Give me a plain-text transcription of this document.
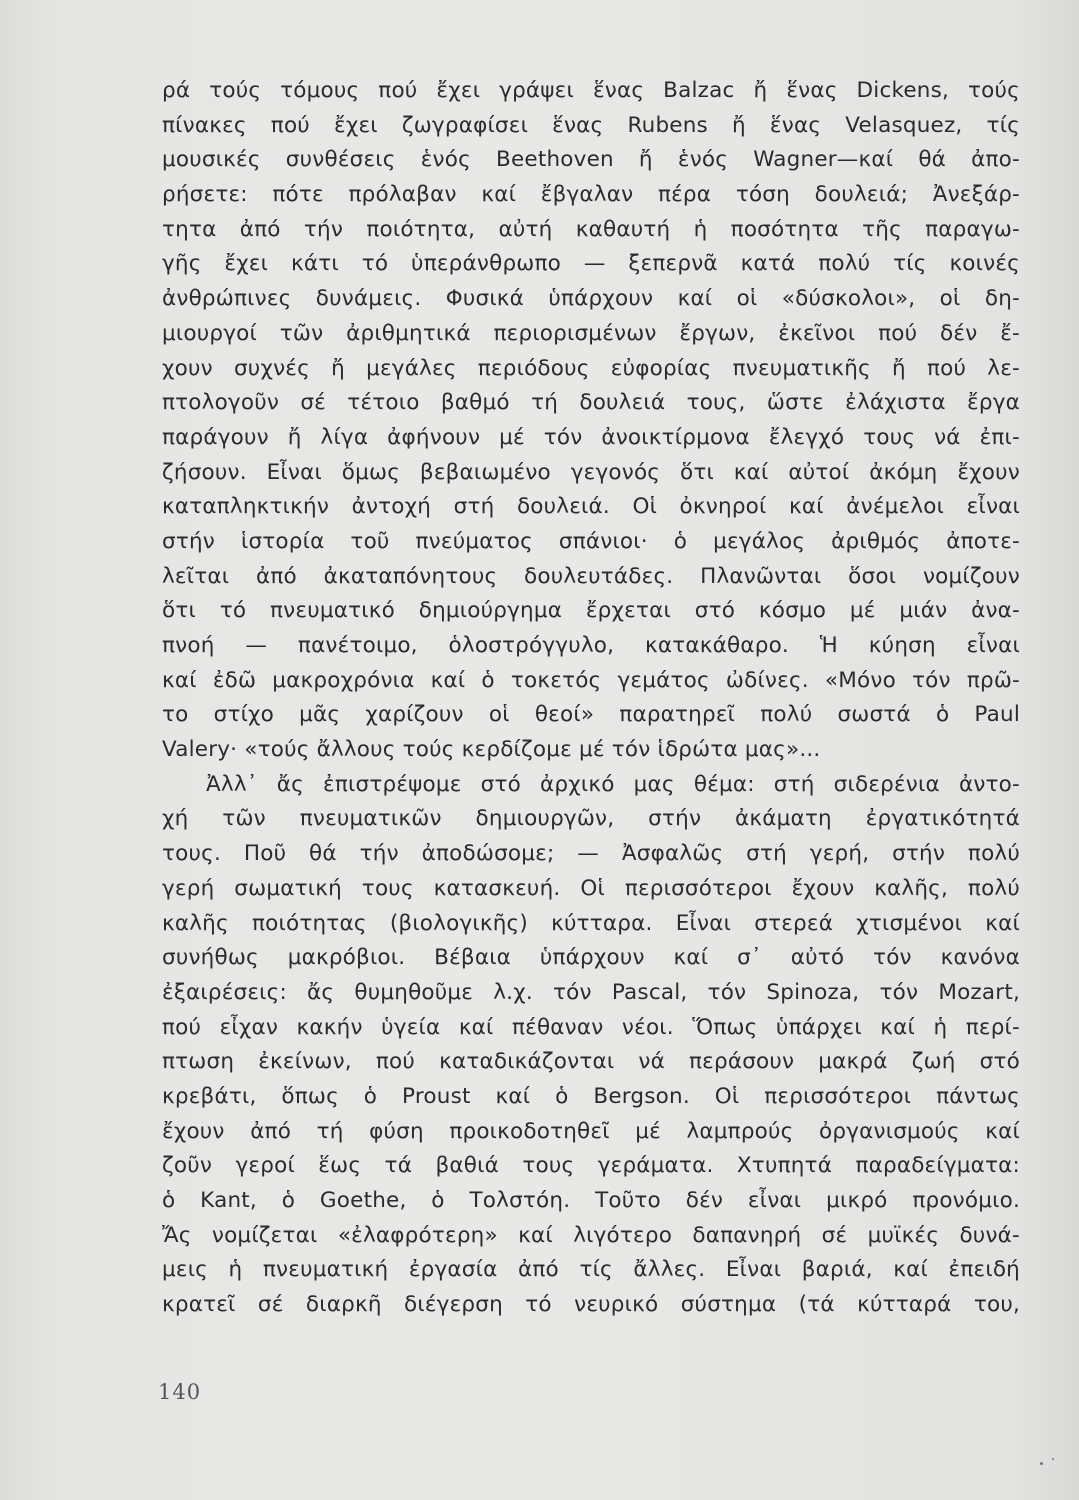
ρά τούς τόμους πού ἔχει γράψει ἕνας Balzac ἤ ἕνας Dickens, τούς
πίνακες πού ἔχει ζωγραφίσει ἕνας Rubens ἤ ἕνας Velasquez, τίς
μουσικές συνθέσεις ἑνός Beethoven ἤ ἑνός Wagner—καί θά ἀπο-
ρήσετε: πότε πρόλαβαν καί ἔβγαλαν πέρα τόση δουλειά; Ἀνεξάρ-
τητα ἀπό τήν ποιότητα, αὐτή καθαυτή ἡ ποσότητα τῆς παραγω-
γῆς ἔχει κάτι τό ὑπεράνθρωπο — ξεπερνᾶ κατά πολύ τίς κοινές
ἀνθρώπινες δυνάμεις. Φυσικά ὑπάρχουν καί οἱ «δύσκολοι», οἱ δη-
μιουργοί τῶν ἀριθμητικά περιορισμένων ἔργων, ἐκεῖνοι πού δέν ἔ-
χουν συχνές ἤ μεγάλες περιόδους εὐφορίας πνευματικῆς ἤ πού λε-
πτολογοῦν σέ τέτοιο βαθμό τή δουλειά τους, ὥστε ἐλάχιστα ἔργα
παράγουν ἤ λίγα ἀφήνουν μέ τόν ἀνοικτίρμονα ἔλεγχό τους νά ἐπι-
ζήσουν. Εἶναι ὅμως βεβαιωμένο γεγονός ὅτι καί αὐτοί ἀκόμη ἔχουν
καταπληκτικήν ἀντοχή στή δουλειά. Οἱ ὀκνηροί καί ἀνέμελοι εἶναι
στήν ἱστορία τοῦ πνεύματος σπάνιοι· ὁ μεγάλος ἀριθμός ἀποτε-
λεῖται ἀπό ἀκαταπόνητους δουλευτάδες. Πλανῶνται ὅσοι νομίζουν
ὅτι τό πνευματικό δημιούργημα ἔρχεται στό κόσμο μέ μιάν ἀνα-
πνοή — πανέτοιμο, ὁλοστρόγγυλο, κατακάθαρο. Ἡ κύηση εἶναι
καί ἐδῶ μακροχρόνια καί ὁ τοκετός γεμάτος ὠδίνες. «Μόνο τόν πρῶ-
το στίχο μᾶς χαρίζουν οἱ θεοί» παρατηρεῖ πολύ σωστά ὁ Paul
Valery· «τούς ἄλλους τούς κερδίζομε μέ τόν ἱδρώτα μας»...
Ἀλλ᾽ ἄς ἐπιστρέψομε στό ἀρχικό μας θέμα: στή σιδερένια ἀντο-
χή τῶν πνευματικῶν δημιουργῶν, στήν ἀκάματη ἐργατικότητά
τους. Ποῦ θά τήν ἀποδώσομε; — Ἀσφαλῶς στή γερή, στήν πολύ
γερή σωματική τους κατασκευή. Οἱ περισσότεροι ἔχουν καλῆς, πολύ
καλῆς ποιότητας (βιολογικῆς) κύτταρα. Εἶναι στερεά χτισμένοι καί
συνήθως μακρόβιοι. Βέβαια ὑπάρχουν καί σ᾽ αὐτό τόν κανόνα
ἐξαιρέσεις: ἄς θυμηθοῦμε λ.χ. τόν Pascal, τόν Spinoza, τόν Mozart,
πού εἶχαν κακήν ὑγεία καί πέθαναν νέοι. Ὅπως ὑπάρχει καί ἡ περί-
πτωση ἐκείνων, πού καταδικάζονται νά περάσουν μακρά ζωή στό
κρεβάτι, ὅπως ὁ Proust καί ὁ Bergson. Οἱ περισσότεροι πάντως
ἔχουν ἀπό τή φύση προικοδοτηθεῖ μέ λαμπρούς ὀργανισμούς καί
ζοῦν γεροί ἕως τά βαθιά τους γεράματα. Χτυπητά παραδείγματα:
ὁ Kant, ὁ Goethe, ὁ Τολστόη. Τοῦτο δέν εἶναι μικρό προνόμιο.
Ἄς νομίζεται «ἐλαφρότερη» καί λιγότερο δαπανηρή σέ μυϊκές δυνά-
μεις ἡ πνευματική ἐργασία ἀπό τίς ἄλλες. Εἶναι βαριά, καί ἐπειδή
κρατεῖ σέ διαρκῆ διέγερση τό νευρικό σύστημα (τά κύτταρά του,
140
